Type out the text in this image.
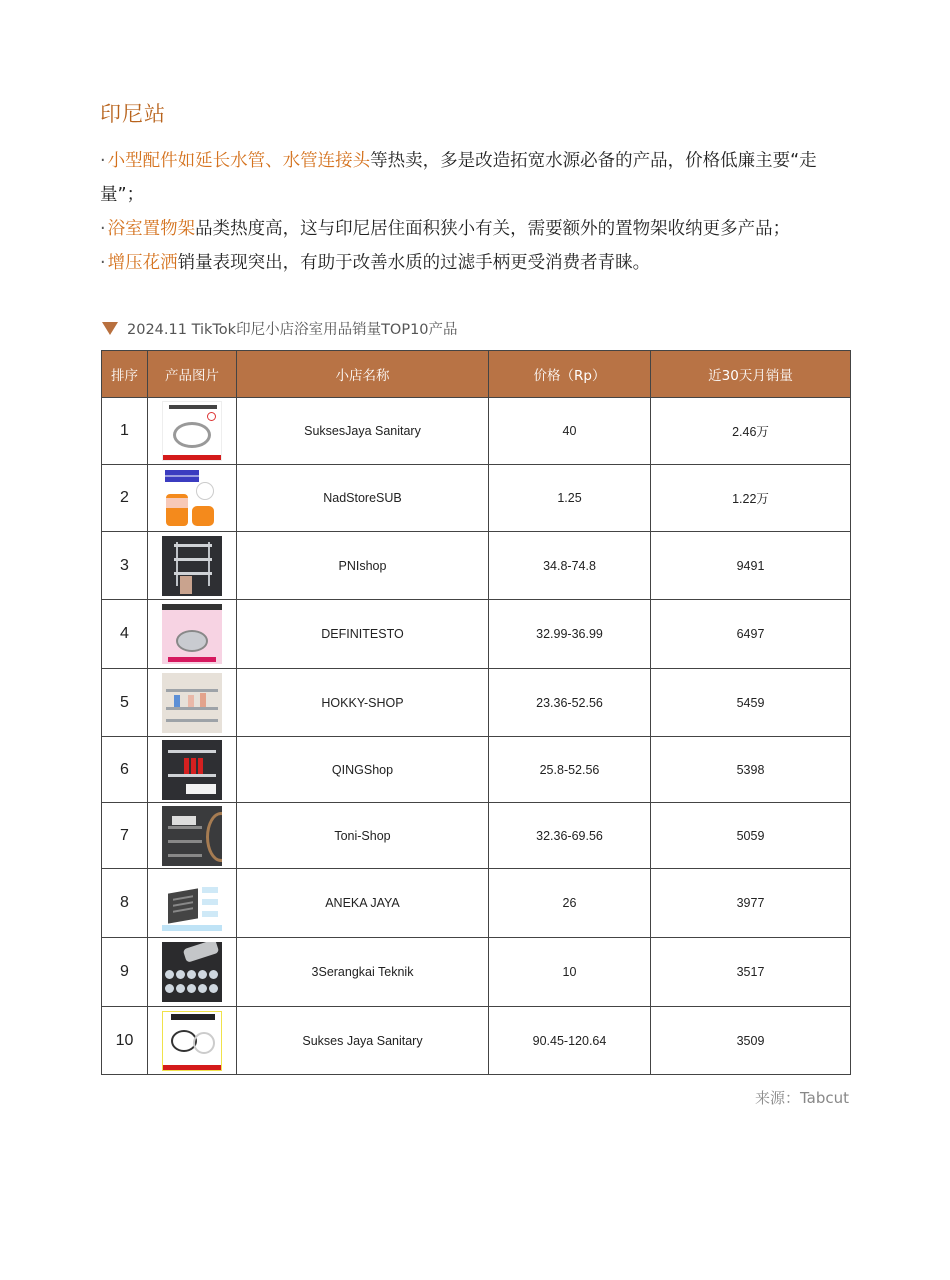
印尼站

· 小型配件如延长水管、水管连接头等热卖，多是改造拓宽水源必备的产品，价格低廉主要“走量”；

· 浴室置物架品类热度高，这与印尼居住面积狭小有关，需要额外的置物架收纳更多产品；

· 增压花洒销量表现突出，有助于改善水质的过滤手柄更受消费者青睐。

2024.11 TikTok印尼小店浴室用品销量TOP10产品
排序	产品图片	小店名称	价格（Rp）	近30天月销量
1		SuksesJaya Sanitary	40	2.46万
2		NadStoreSUB	1.25	1.22万
3		PNIshop	34.8-74.8	9491
4		DEFINITESTO	32.99-36.99	6497
5		HOKKY-SHOP	23.36-52.56	5459
6		QINGShop	25.8-52.56	5398
7		Toni-Shop	32.36-69.56	5059
8		ANEKA JAYA	26	3977
9		3Serangkai Teknik	10	3517
10		Sukses Jaya Sanitary	90.45-120.64	3509
来源：Tabcut
